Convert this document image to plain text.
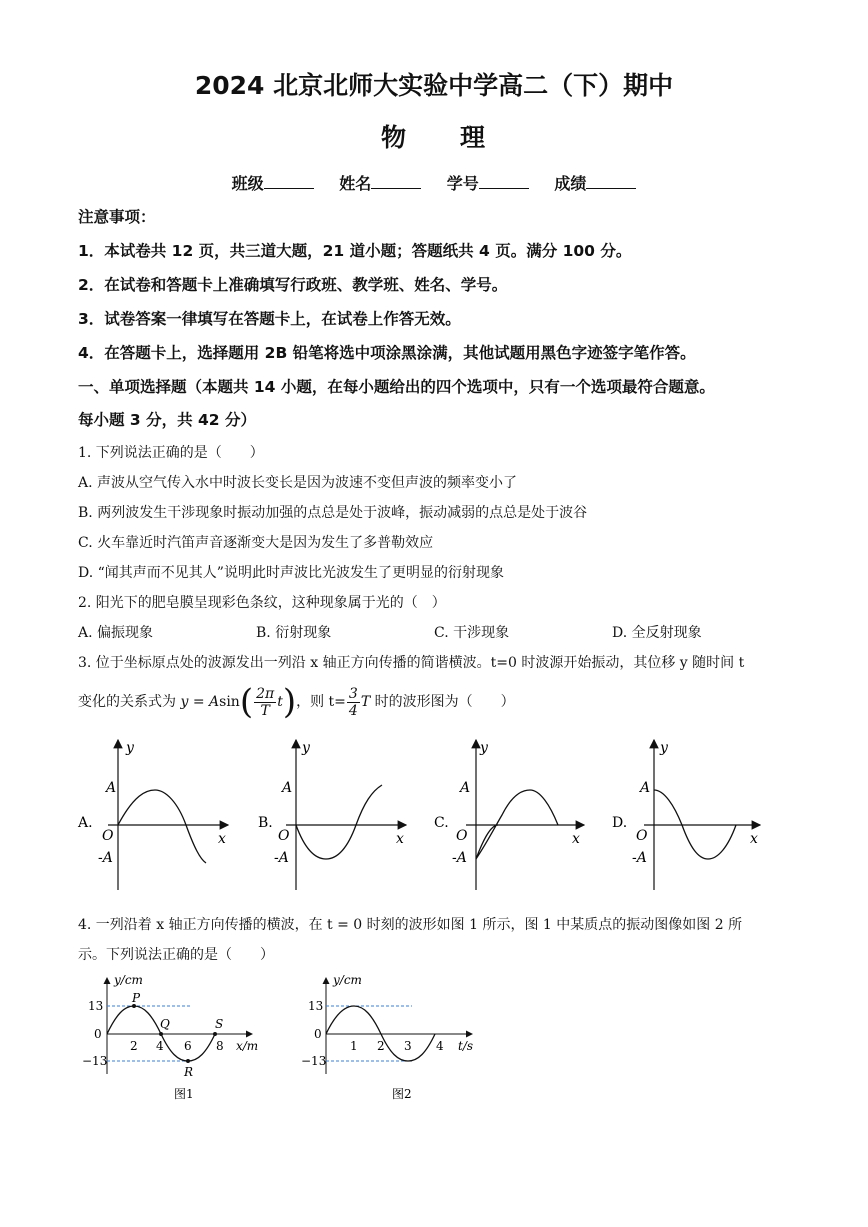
2024 北京北师大实验中学高二（下）期中
物 理
班级	姓名	学号	成绩
注意事项：
1．本试卷共 12 页，共三道大题，21 道小题；答题纸共 4 页。满分 100 分。
2．在试卷和答题卡上准确填写行政班、教学班、姓名、学号。
3．试卷答案一律填写在答题卡上，在试卷上作答无效。
4．在答题卡上，选择题用 2B 铅笔将选中项涂黑涂满，其他试题用黑色字迹签字笔作答。
一、单项选择题（本题共 14 小题，在每小题给出的四个选项中，只有一个选项最符合题意。
每小题 3 分，共 42 分）
1. 下列说法正确的是（　　）
A. 声波从空气传入水中时波长变长是因为波速不变但声波的频率变小了
B. 两列波发生干涉现象时振动加强的点总是处于波峰，振动减弱的点总是处于波谷
C. 火车靠近时汽笛声音逐渐变大是因为发生了多普勒效应
D. “闻其声而不见其人”说明此时声波比光波发生了更明显的衍射现象
2. 阳光下的肥皂膜呈现彩色条纹，这种现象属于光的（　）
A. 偏振现象	B. 衍射现象	C. 干涉现象	D. 全反射现象
3. 位于坐标原点处的波源发出一列沿 x 轴正方向传播的简谐横波。t=0 时波源开始振动，其位移 y 随时间 t
变化的关系式为 $y = Asin( \frac{2\pi}{T} t)$，则 $t= \frac{3}{4}$ T 时的波形图为（　　）
A.
y
x
O
A
-A
B.
y
x
O
A
-A
C.
y
x
O
A
-A
D.
y
x
O
A
-A
4. 一列沿着 x 轴正方向传播的横波，在 t = 0 时刻的波形如图 1 所示，图 1 中某质点的振动图像如图 2 所
示。下列说法正确的是（　　）
y/cm
x/m
13
0
−13
2 4 6 8
P
Q
R
S
图1
y/cm
t/s
13
0
−13
1 2 3 4
图2
